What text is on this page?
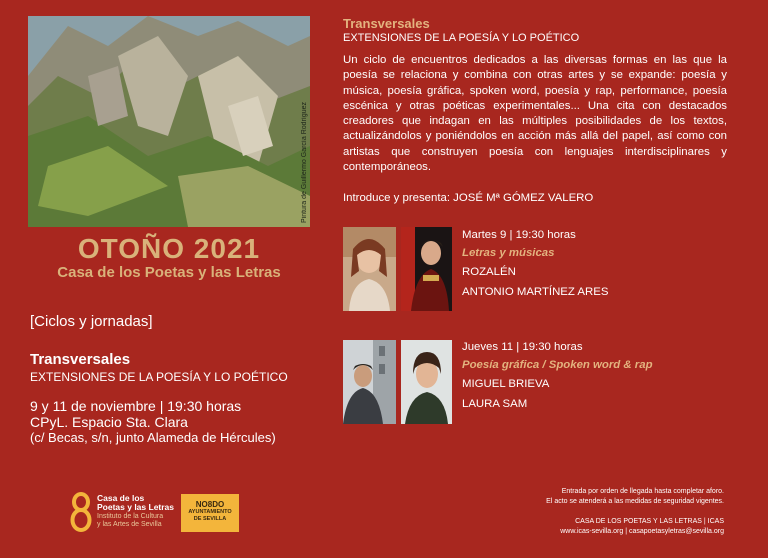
Pintura de Guillermo García Rodríguez
OTOÑO 2021
Casa de los Poetas y las Letras
[Ciclos y jornadas]
Transversales
EXTENSIONES DE LA POESÍA Y LO POÉTICO
9 y 11 de noviembre | 19:30 horas
CPyL. Espacio Sta. Clara
(c/ Becas, s/n, junto Alameda de Hércules)
Transversales
EXTENSIONES DE LA POESÍA Y LO POÉTICO
Un ciclo de encuentros dedicados a las diversas formas en las que la poesía se relaciona y combina con otras artes y se expande: poesía y música, poesía gráfica, spoken word, poesía y rap, performance, poesía escénica y otras poéticas experimentales... Una cita con destacados creadores que indagan en las múltiples posibilidades de los textos, actualizándolos y poniéndolos en acción más allá del papel, así como con artistas que construyen poesía con lenguajes interdisciplinares y contemporáneos.
Introduce y presenta: JOSÉ Mª GÓMEZ VALERO
Martes 9 | 19:30 horas
Letras y músicas
ROZALÉN
ANTONIO MARTÍNEZ ARES
Jueves 11 | 19:30 horas
Poesía gráfica / Spoken word & rap
MIGUEL BRIEVA
LAURA SAM
Casa de los
Poetas y las Letras
Instituto de la Cultura
y las Artes de Sevilla
NO8DO
AYUNTAMIENTO
DE SEVILLA
Entrada por orden de llegada hasta completar aforo.
El acto se atenderá a las medidas de seguridad vigentes.
CASA DE LOS POETAS Y LAS LETRAS | ICAS
www.icas-sevilla.org | casapoetasyletras@sevilla.org
